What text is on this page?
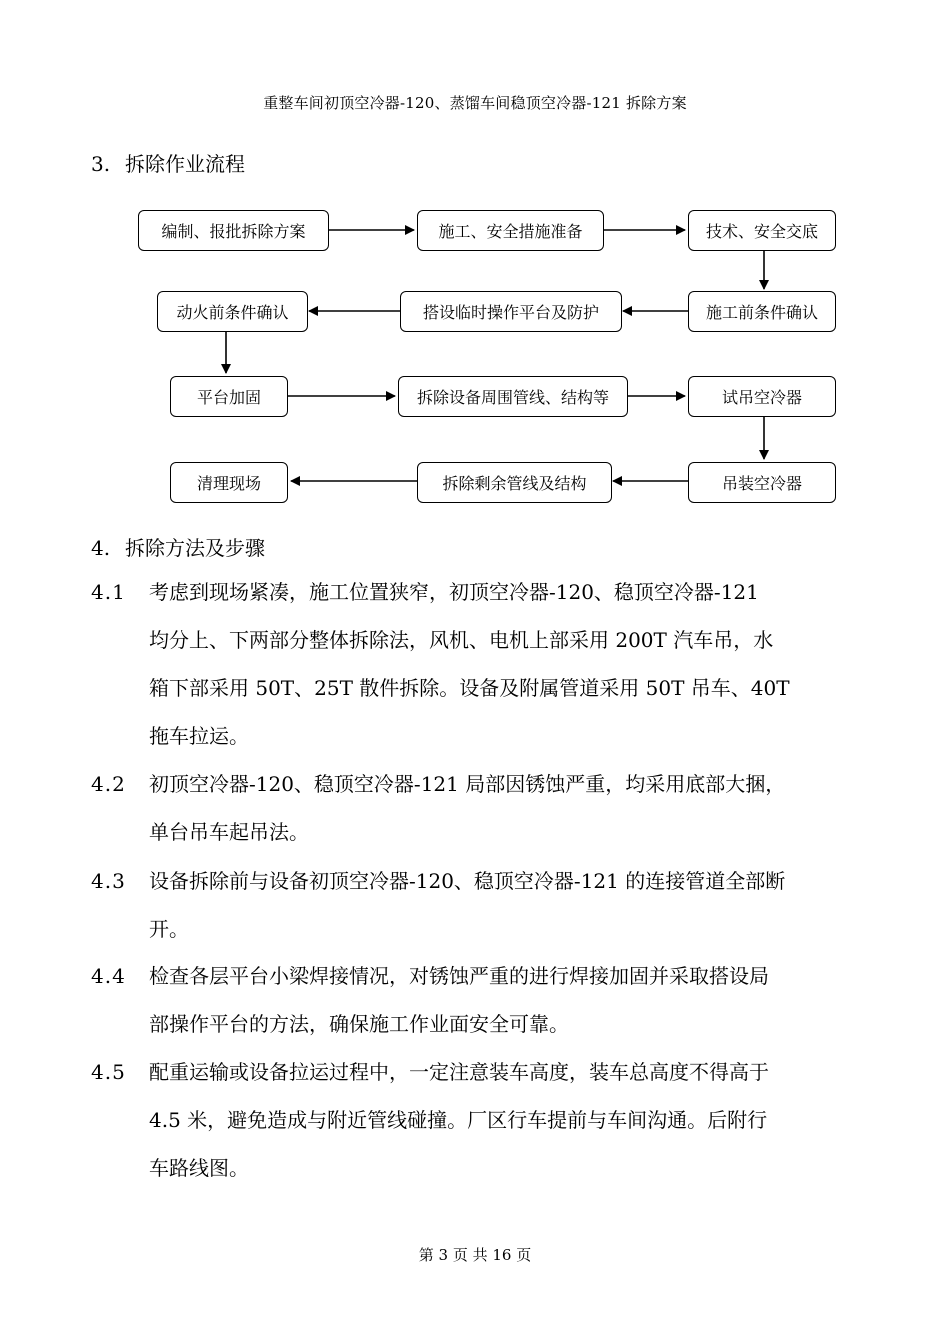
重整车间初顶空冷器-120、蒸馏车间稳顶空冷器-121 拆除方案
3. 拆除作业流程
编制、报批拆除方案	施工、安全措施准备	技术、安全交底
施工前条件确认
搭设临时操作平台及防护
动火前条件确认
平台加固	拆除设备周围管线、结构等	试吊空冷器
吊装空冷器
拆除剩余管线及结构
清理现场
4. 拆除方法及步骤
4.1	考虑到现场紧凑，施工位置狭窄，初顶空冷器-120、稳顶空冷器-121
均分上、下两部分整体拆除法，风机、电机上部采用 200T 汽车吊，水
箱下部采用 50T、25T 散件拆除。设备及附属管道采用 50T 吊车、40T
拖车拉运。
4.2	初顶空冷器-120、稳顶空冷器-121 局部因锈蚀严重，均采用底部大捆，
单台吊车起吊法。
4.3	设备拆除前与设备初顶空冷器-120、稳顶空冷器-121 的连接管道全部断
开。
4.4	检查各层平台小梁焊接情况，对锈蚀严重的进行焊接加固并采取搭设局
部操作平台的方法，确保施工作业面安全可靠。
4.5	配重运输或设备拉运过程中，一定注意装车高度，装车总高度不得高于
4.5 米，避免造成与附近管线碰撞。厂区行车提前与车间沟通。后附行
车路线图。
第 3 页 共 16 页
